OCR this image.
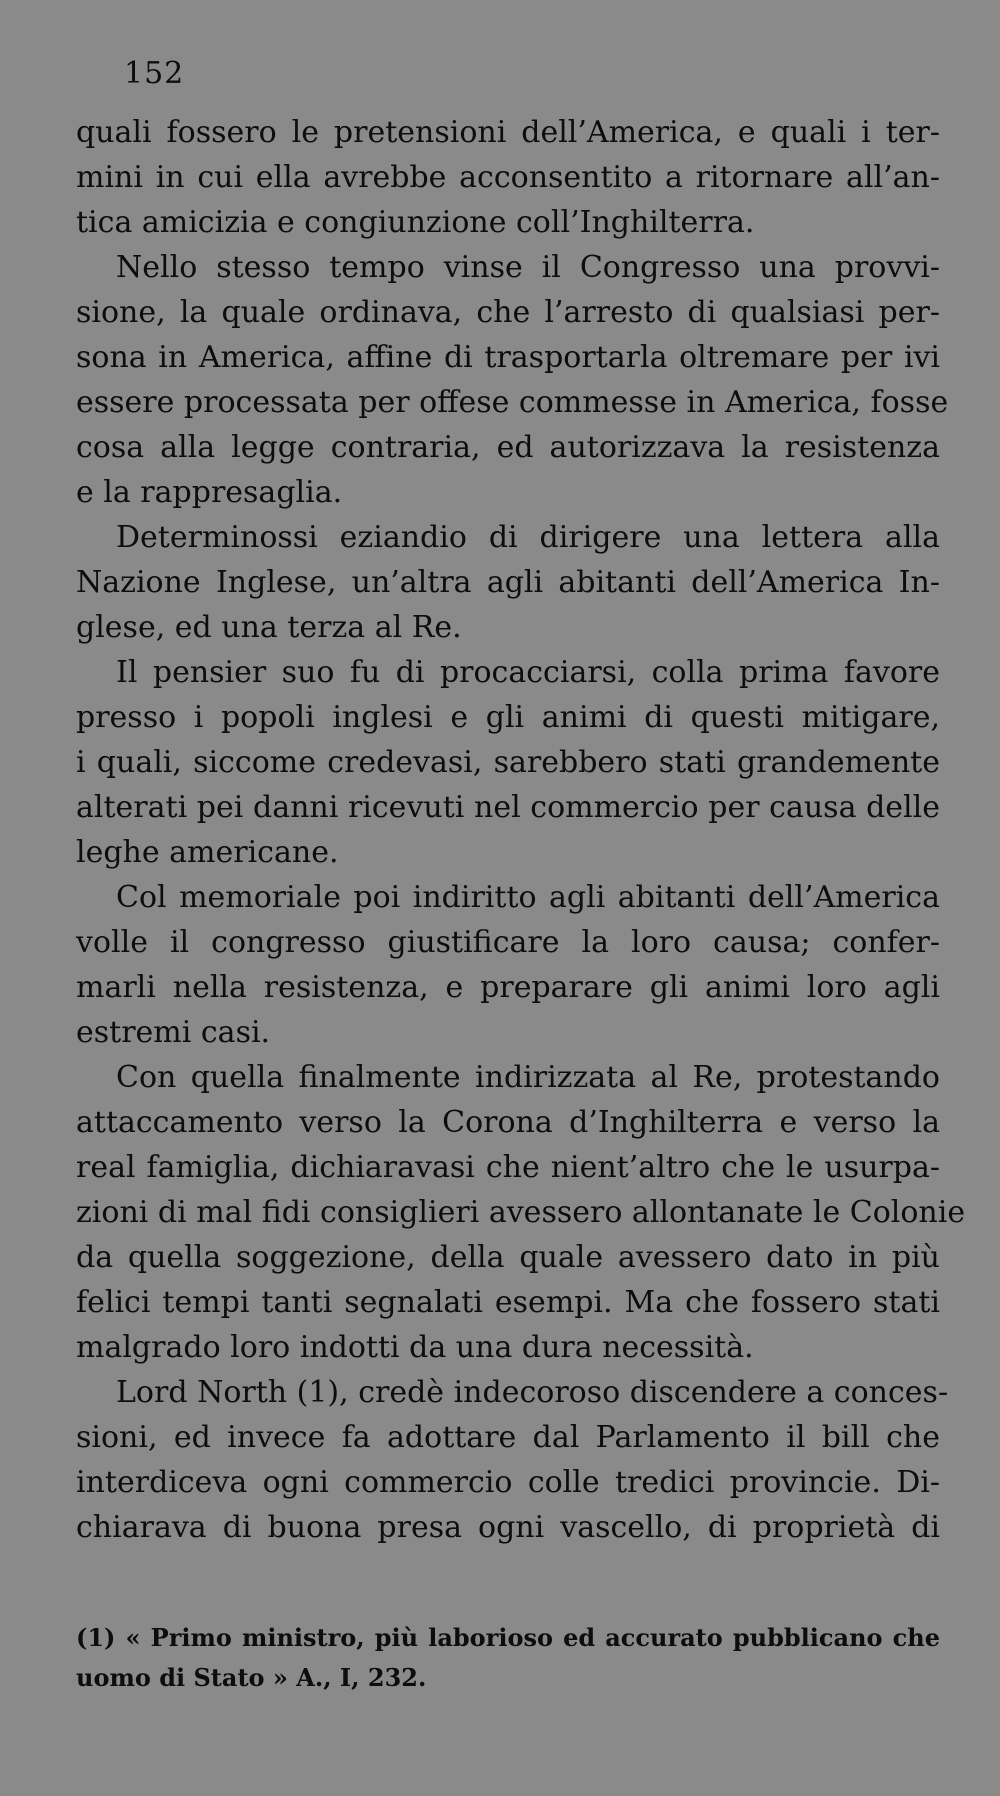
152
quali fossero le pretensioni dell’America, e quali i ter-
mini in cui ella avrebbe acconsentito a ritornare all’an-
tica amicizia e congiunzione coll’Inghilterra.
Nello stesso tempo vinse il Congresso una provvi-
sione, la quale ordinava, che l’arresto di qualsiasi per-
sona in America, affine di trasportarla oltremare per ivi
essere processata per offese commesse in America, fosse
cosa alla legge contraria, ed autorizzava la resistenza
e la rappresaglia.
Determinossi eziandio di dirigere una lettera alla
Nazione Inglese, un’altra agli abitanti dell’America In-
glese, ed una terza al Re.
Il pensier suo fu di procacciarsi, colla prima favore
presso i popoli inglesi e gli animi di questi mitigare,
i quali, siccome credevasi, sarebbero stati grandemente
alterati pei danni ricevuti nel commercio per causa delle
leghe americane.
Col memoriale poi indiritto agli abitanti dell’America
volle il congresso giustificare la loro causa; confer-
marli nella resistenza, e preparare gli animi loro agli
estremi casi.
Con quella finalmente indirizzata al Re, protestando
attaccamento verso la Corona d’Inghilterra e verso la
real famiglia, dichiaravasi che nient’altro che le usurpa-
zioni di mal fidi consiglieri avessero allontanate le Colonie
da quella soggezione, della quale avessero dato in più
felici tempi tanti segnalati esempi. Ma che fossero stati
malgrado loro indotti da una dura necessità.
Lord North (1), credè indecoroso discendere a conces-
sioni, ed invece fa adottare dal Parlamento il bill che
interdiceva ogni commercio colle tredici provincie. Di-
chiarava di buona presa ogni vascello, di proprietà di
(1) « Primo ministro, più laborioso ed accurato pubblicano che
uomo di Stato » A., I, 232.
